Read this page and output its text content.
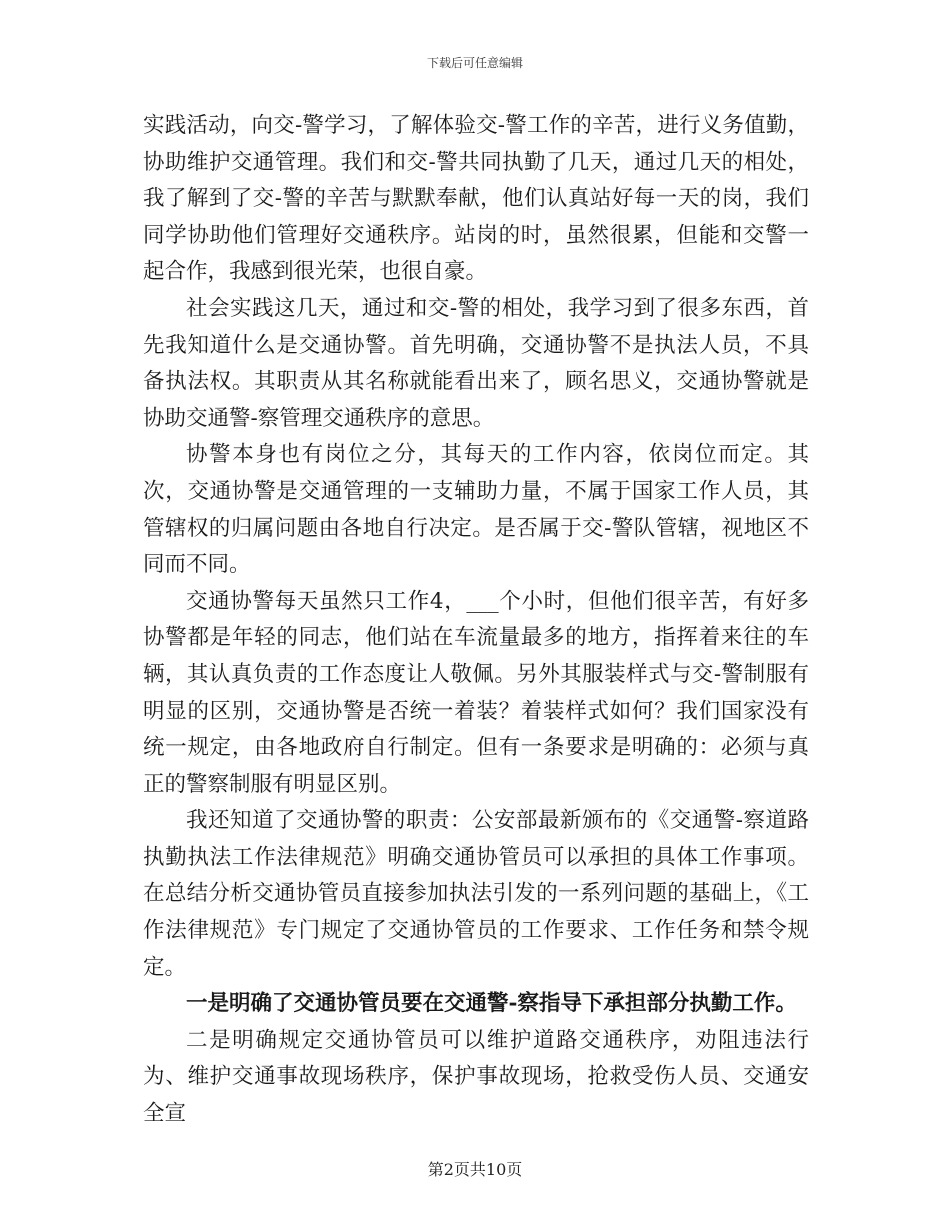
下载后可任意编辑

实践活动，向交-警学习，了解体验交-警工作的辛苦，进行义务值勤，协助维护交通管理。我们和交-警共同执勤了几天，通过几天的相处，我了解到了交-警的辛苦与默默奉献，他们认真站好每一天的岗，我们同学协助他们管理好交通秩序。站岗的时，虽然很累，但能和交警一起合作，我感到很光荣，也很自豪。

社会实践这几天，通过和交-警的相处，我学习到了很多东西，首先我知道什么是交通协警。首先明确，交通协警不是执法人员，不具备执法权。其职责从其名称就能看出来了，顾名思义，交通协警就是协助交通警-察管理交通秩序的意思。

协警本身也有岗位之分，其每天的工作内容，依岗位而定。其次，交通协警是交通管理的一支辅助力量，不属于国家工作人员，其管辖权的归属问题由各地自行决定。是否属于交-警队管辖，视地区不同而不同。

交通协警每天虽然只工作4，___个小时，但他们很辛苦，有好多协警都是年轻的同志，他们站在车流量最多的地方，指挥着来往的车辆，其认真负责的工作态度让人敬佩。另外其服装样式与交-警制服有明显的区别，交通协警是否统一着装？着装样式如何？我们国家没有统一规定，由各地政府自行制定。但有一条要求是明确的：必须与真正的警察制服有明显区别。

我还知道了交通协警的职责：公安部最新颁布的《交通警-察道路执勤执法工作法律规范》明确交通协管员可以承担的具体工作事项。在总结分析交通协管员直接参加执法引发的一系列问题的基础上，《工作法律规范》专门规定了交通协管员的工作要求、工作任务和禁令规定。

一是明确了交通协管员要在交通警-察指导下承担部分执勤工作。

二是明确规定交通协管员可以维护道路交通秩序，劝阻违法行为、维护交通事故现场秩序，保护事故现场，抢救受伤人员、交通安全宣

第2页共10页
